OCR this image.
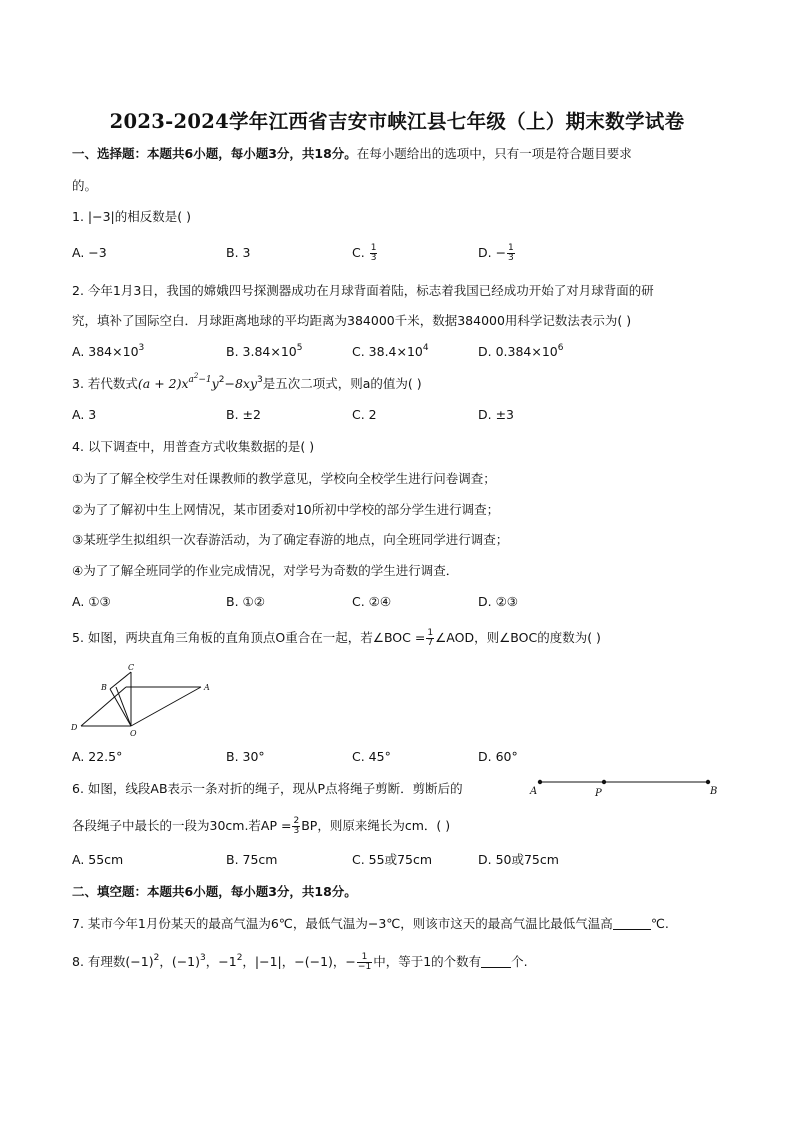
2023-2024学年江西省吉安市峡江县七年级（上）期末数学试卷
一、选择题：本题共6小题，每小题3分，共18分。在每小题给出的选项中，只有一项是符合题目要求
的。
1. |−3|的相反数是( )
A. −3	B. 3	C. $\frac{1}{3}$	D. − $\frac{1}{3}$
2. 今年1月3日，我国的嫦娥四号探测器成功在月球背面着陆，标志着我国已经成功开始了对月球背面的研
究，填补了国际空白．月球距离地球的平均距离为384000千米，数据384000用科学记数法表示为( )
A. $384\times 10^3$	B. $3.84\times 10^5$	C. $38.4\times 10^4$	D. $0.384\times 10^6$
3. 若代数式$(a + 2)x^{a^2-1}y^2-8xy^3$是五次二项式，则a的值为( )
A. 3	B. ±2	C. 2	D. ±3
4. 以下调查中，用普查方式收集数据的是( )
①为了了解全校学生对任课教师的教学意见，学校向全校学生进行问卷调查；
②为了了解初中生上网情况，某市团委对10所初中学校的部分学生进行调查；
③某班学生拟组织一次春游活动，为了确定春游的地点，向全班同学进行调查；
④为了了解全班同学的作业完成情况，对学号为奇数的学生进行调查．
A. ①③	B. ①②	C. ②④	D. ②③
5. 如图，两块直角三角板的直角顶点O重合在一起，若∠BOC = $\frac{1}{7}$ ∠AOD，则∠BOC的度数为( )
C
B	A
D
O
A. 22.5°	B. 30°	C. 45°	D. 60°
6. 如图，线段AB表示一条对折的绳子，现从P点将绳子剪断．剪断后的	A	P	B
各段绳子中最长的一段为30cm.若AP = $\frac{2}{3}$ BP，则原来绳长为cm．( )
A. 55cm	B. 75cm	C. 55或75cm	D. 50或75cm
二、填空题：本题共6小题，每小题3分，共18分。
7. 某市今年1月份某天的最高气温为6℃，最低气温为−3℃，则该市这天的最高气温比最低气温高	℃.
8. 有理数$(-1)^2$，$(-1)^3$，$-1^2$，|−1|，−(−1)，− $\frac{1}{-1}$ 中，等于1的个数有 个.
